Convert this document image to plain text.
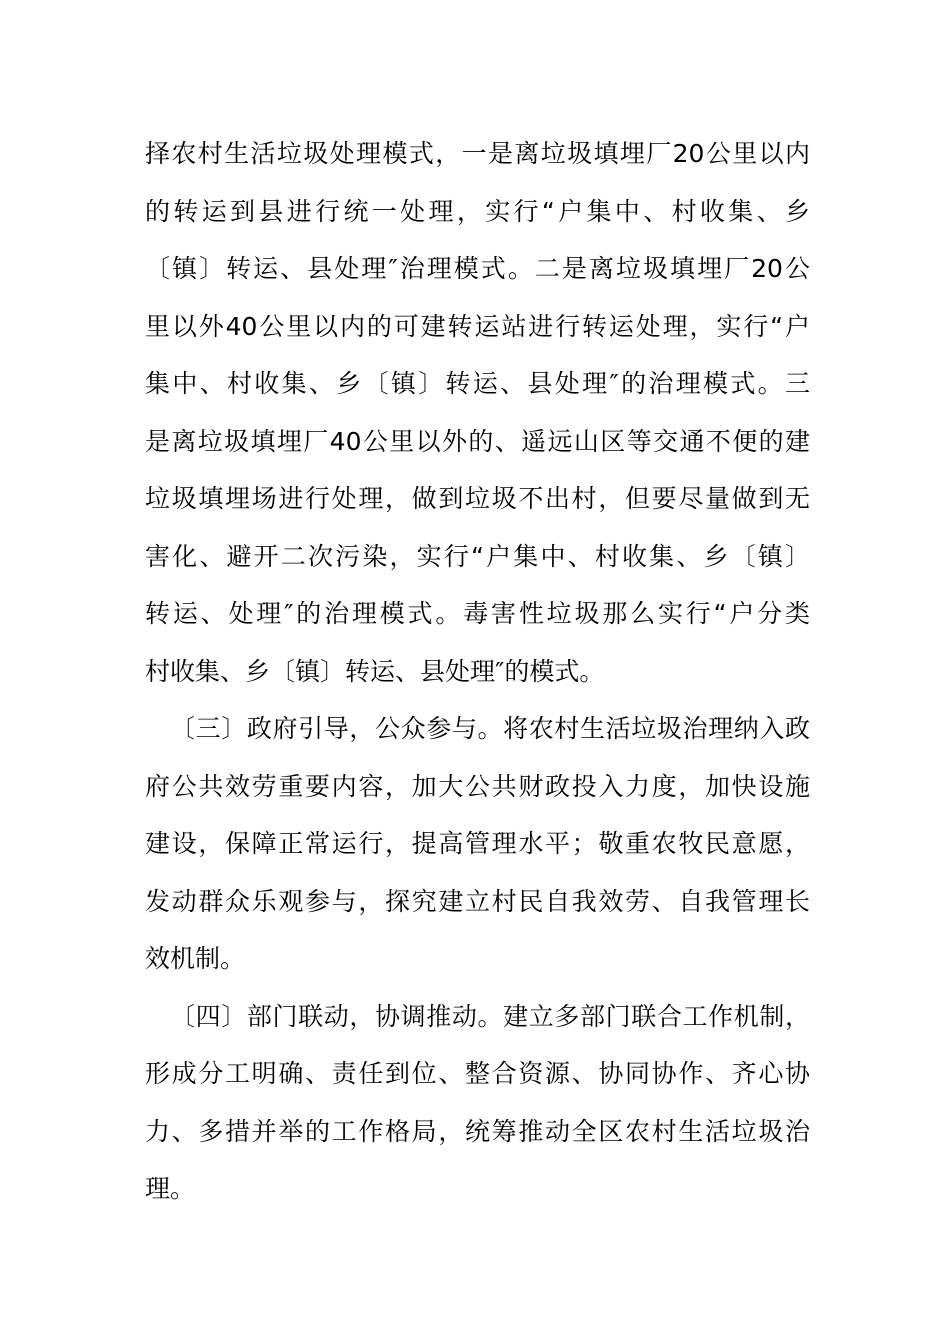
择农村生活垃圾处理模式，一是离垃圾填埋厂20公里以内
的转运到县进行统一处理，实行“户集中、村收集、乡
〔镇〕转运、县处理″治理模式。二是离垃圾填埋厂20公
里以外40公里以内的可建转运站进行转运处理，实行“户
集中、村收集、乡〔镇〕转运、县处理″的治理模式。三
是离垃圾填埋厂40公里以外的、遥远山区等交通不便的建
垃圾填埋场进行处理，做到垃圾不出村，但要尽量做到无
害化、避开二次污染，实行“户集中、村收集、乡〔镇〕
转运、处理″的治理模式。毒害性垃圾那么实行“户分类
村收集、乡〔镇〕转运、县处理″的模式。
〔三〕政府引导，公众参与。将农村生活垃圾治理纳入政
府公共效劳重要内容，加大公共财政投入力度，加快设施
建设，保障正常运行，提高管理水平；敬重农牧民意愿，
发动群众乐观参与，探究建立村民自我效劳、自我管理长
效机制。
〔四〕部门联动，协调推动。建立多部门联合工作机制，
形成分工明确、责任到位、整合资源、协同协作、齐心协
力、多措并举的工作格局，统筹推动全区农村生活垃圾治
理。
